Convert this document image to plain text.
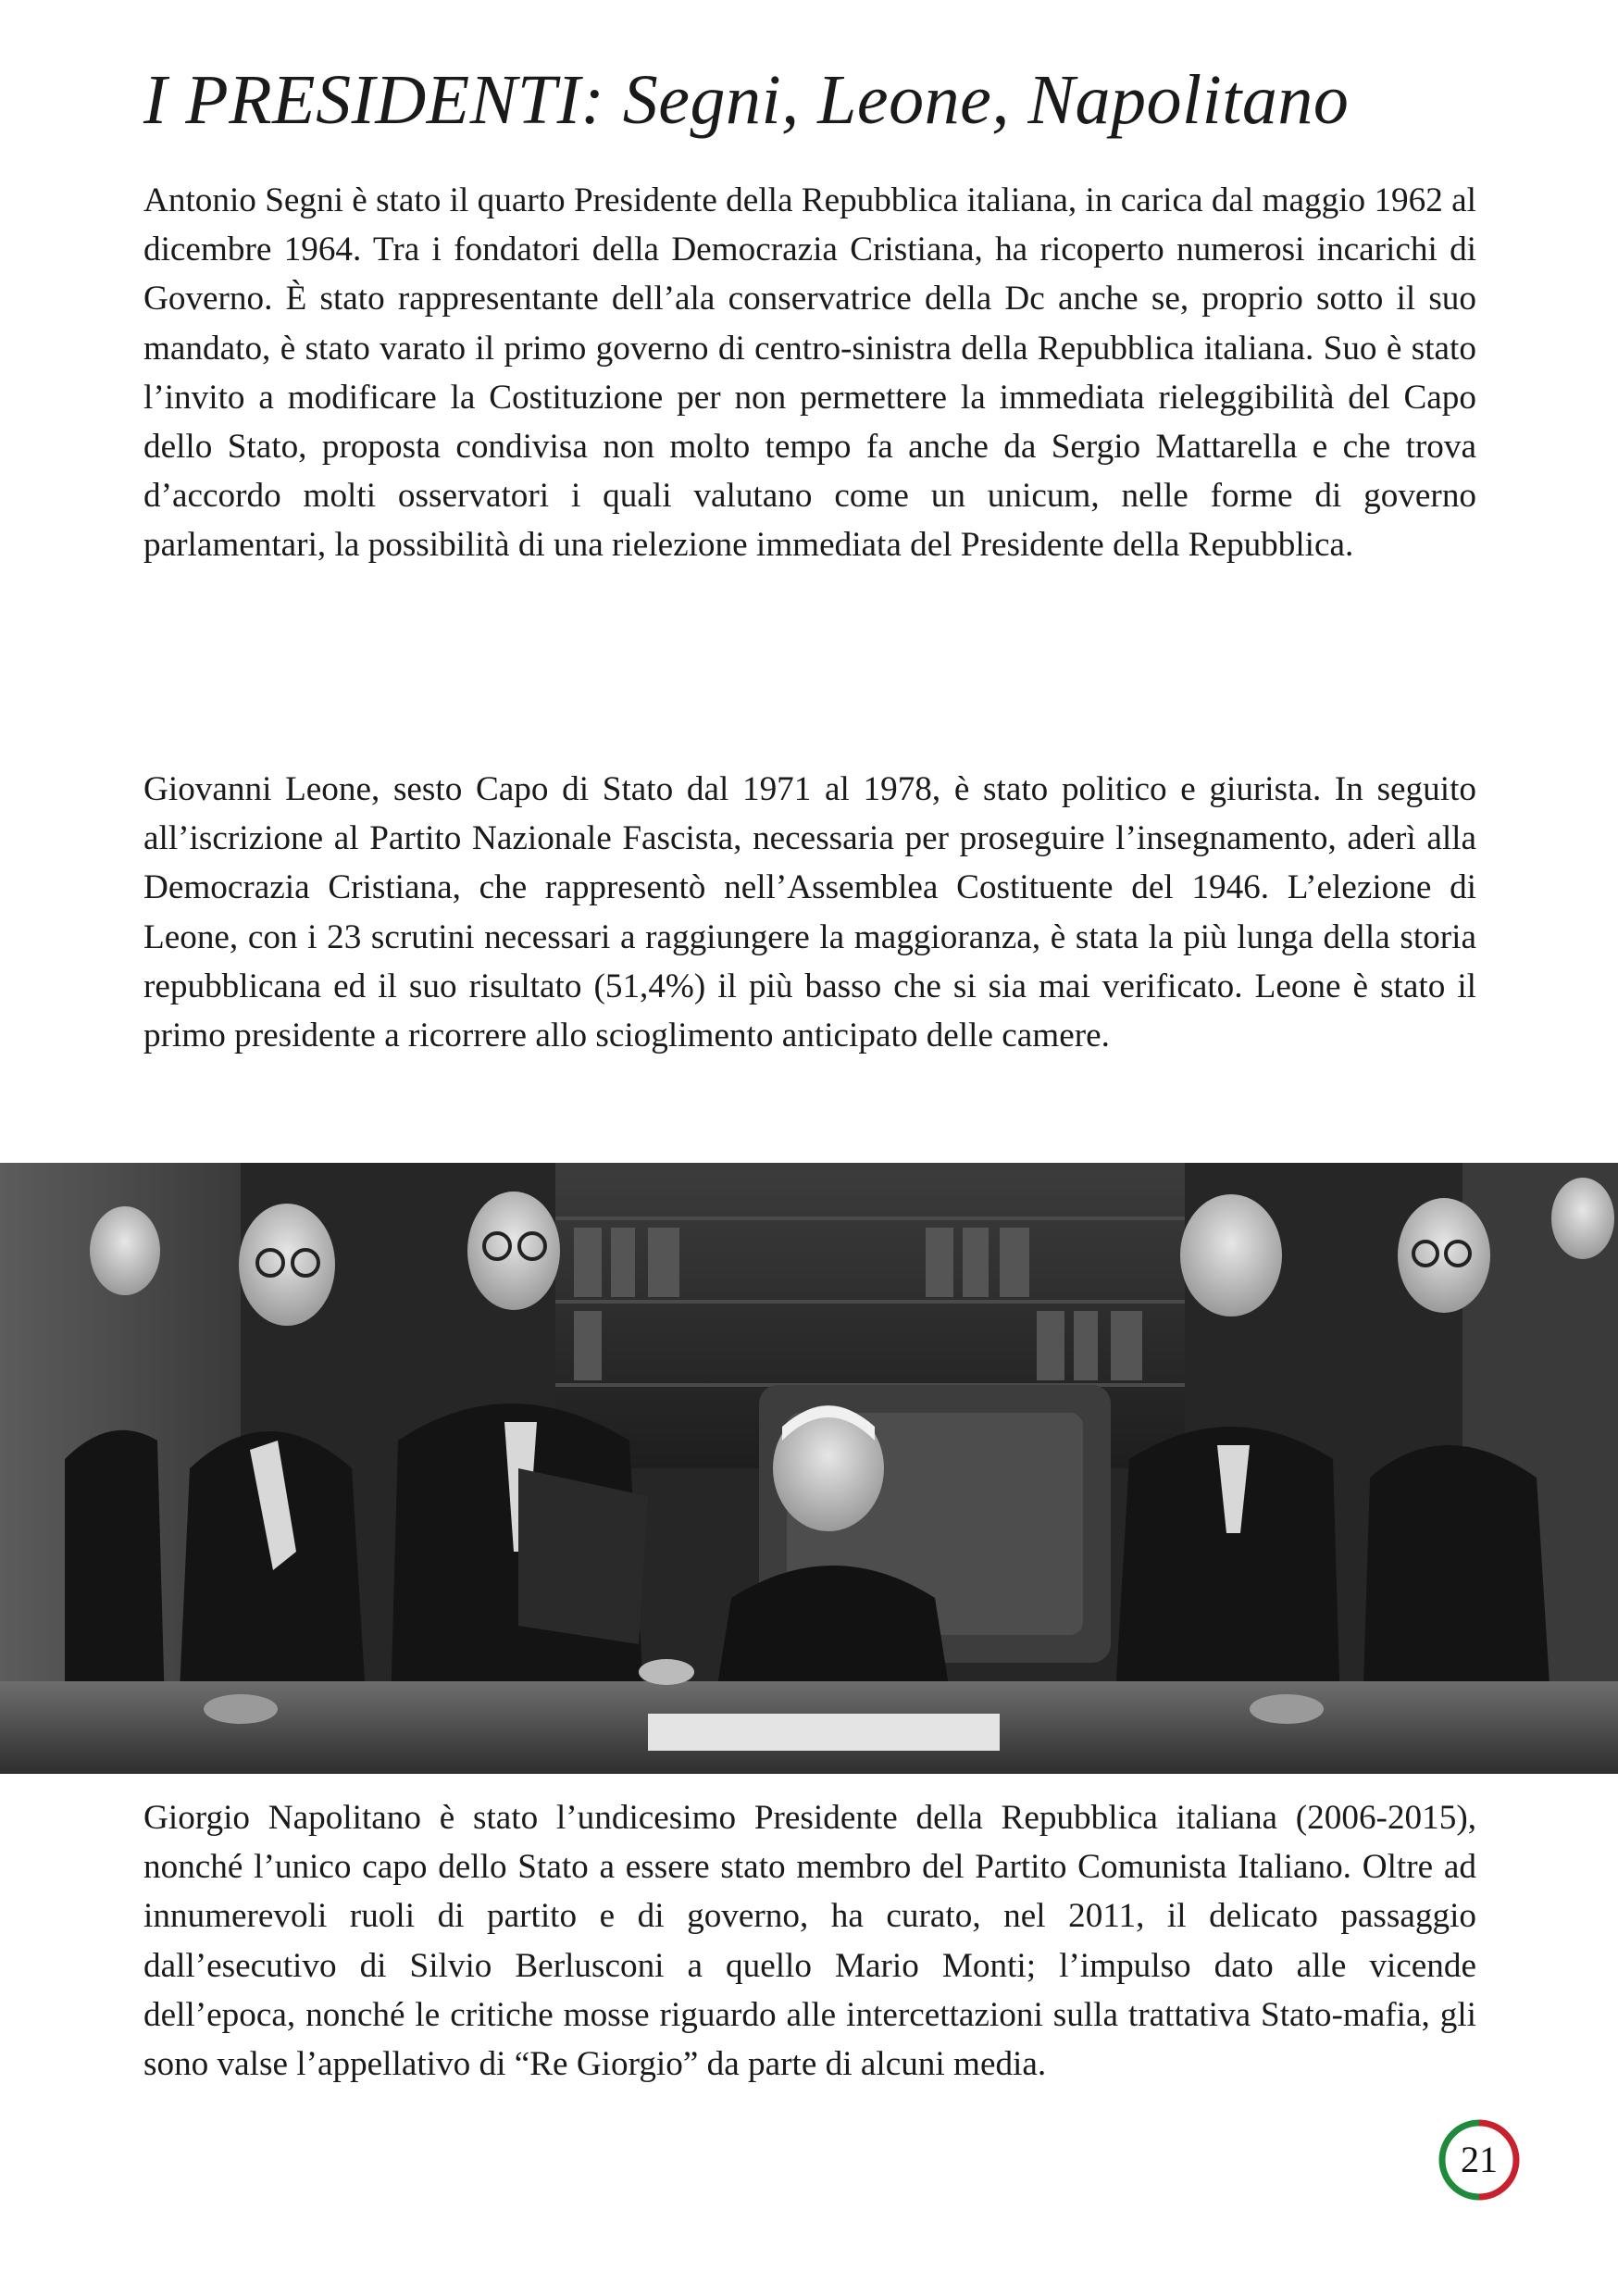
I PRESIDENTI: Segni, Leone, Napolitano

Antonio Segni è stato il quarto Presidente della Repubblica italiana, in carica dal maggio 1962 al dicembre 1964. Tra i fondatori della Democrazia Cristiana, ha ricoperto numerosi incarichi di Governo. È stato rappresentante dell’ala conservatrice della Dc anche se, proprio sotto il suo mandato, è stato varato il primo governo di centro-sinistra della Repubblica italiana. Suo è stato l’invito a modificare la Costituzione per non permettere la immediata rieleggibilità del Capo dello Stato, proposta condivisa non molto tempo fa anche da Sergio Mattarella e che trova d’accordo molti osservatori i quali valutano come un unicum, nelle forme di governo parlamentari, la possibilità di una rielezione immediata del Presidente della Repubblica.

Giovanni Leone, sesto Capo di Stato dal 1971 al 1978, è stato politico e giurista. In seguito all’iscrizione al Partito Nazionale Fascista, necessaria per proseguire l’insegnamento, aderì alla Democrazia Cristiana, che rappresentò nell’Assemblea Costituente del 1946. L’elezione di Leone, con i 23 scrutini necessari a raggiungere la maggioranza, è stata la più lunga della storia repubblicana ed il suo risultato (51,4%) il più basso che si sia mai verificato. Leone è stato il primo presidente a ricorrere allo scioglimento anticipato delle camere.

Giorgio Napolitano è stato l’undicesimo Presidente della Repubblica italiana (2006-2015), nonché l’unico capo dello Stato a essere stato membro del Partito Comunista Italiano. Oltre ad innumerevoli ruoli di partito e di governo, ha curato, nel 2011, il delicato passaggio dall’esecutivo di Silvio Berlusconi a quello Mario Monti; l’impulso dato alle vicende dell’epoca, nonché le critiche mosse riguardo alle intercettazioni sulla trattativa Stato-mafia, gli sono valse l’appellativo di “Re Giorgio” da parte di alcuni media.

21
